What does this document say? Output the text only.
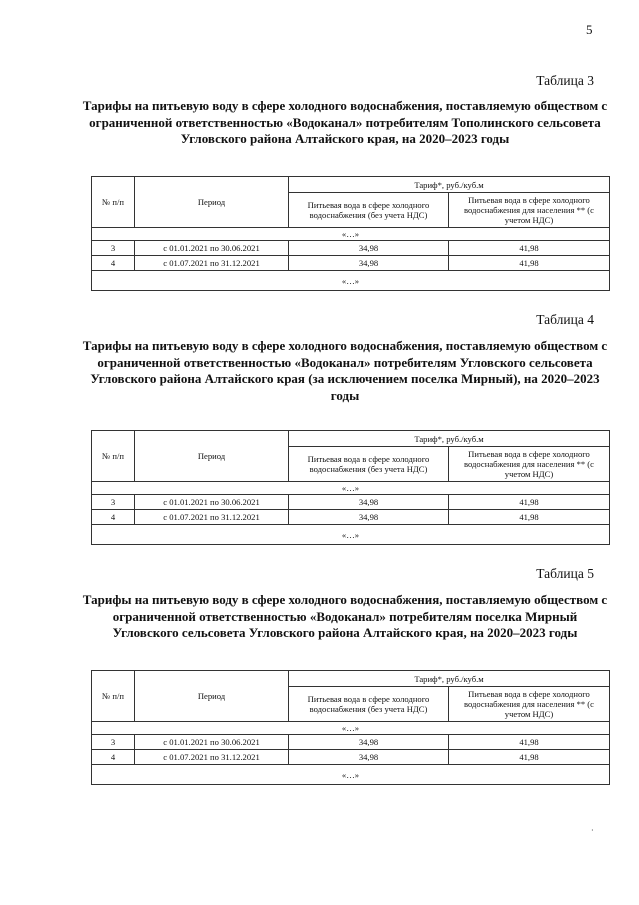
5
Таблица 3
Тарифы на питьевую воду в сфере холодного водоснабжения, поставляемую обществом с ограниченной ответственностью «Водоканал» потребителям Тополинского сельсовета Угловского района Алтайского края, на 2020–2023 годы
№ п/п	Период	Тариф*, руб./куб.м	
		Питьевая вода в сфере холодного водоснабжения (без учета НДС)	Питьевая вода в сфере холодного водоснабжения для населения ** (с учетом НДС)
«…»			
3	с 01.01.2021 по 30.06.2021	34,98	41,98
4	с 01.07.2021 по 31.12.2021	34,98	41,98
«…»			
Таблица 4
Тарифы на питьевую воду в сфере холодного водоснабжения, поставляемую обществом с ограниченной ответственностью «Водоканал» потребителям Угловского сельсовета Угловского района Алтайского края (за исключением поселка Мирный), на 2020–2023 годы
№ п/п	Период	Тариф*, руб./куб.м	
		Питьевая вода в сфере холодного водоснабжения (без учета НДС)	Питьевая вода в сфере холодного водоснабжения для населения ** (с учетом НДС)
«…»			
3	с 01.01.2021 по 30.06.2021	34,98	41,98
4	с 01.07.2021 по 31.12.2021	34,98	41,98
«…»			
Таблица 5
Тарифы на питьевую воду в сфере холодного водоснабжения, поставляемую обществом с ограниченной ответственностью «Водоканал» потребителям поселка Мирный Угловского сельсовета Угловского района Алтайского края, на 2020–2023 годы
№ п/п	Период	Тариф*, руб./куб.м	
		Питьевая вода в сфере холодного водоснабжения (без учета НДС)	Питьевая вода в сфере холодного водоснабжения для населения ** (с учетом НДС)
«…»			
3	с 01.01.2021 по 30.06.2021	34,98	41,98
4	с 01.07.2021 по 31.12.2021	34,98	41,98
«…»			
·
